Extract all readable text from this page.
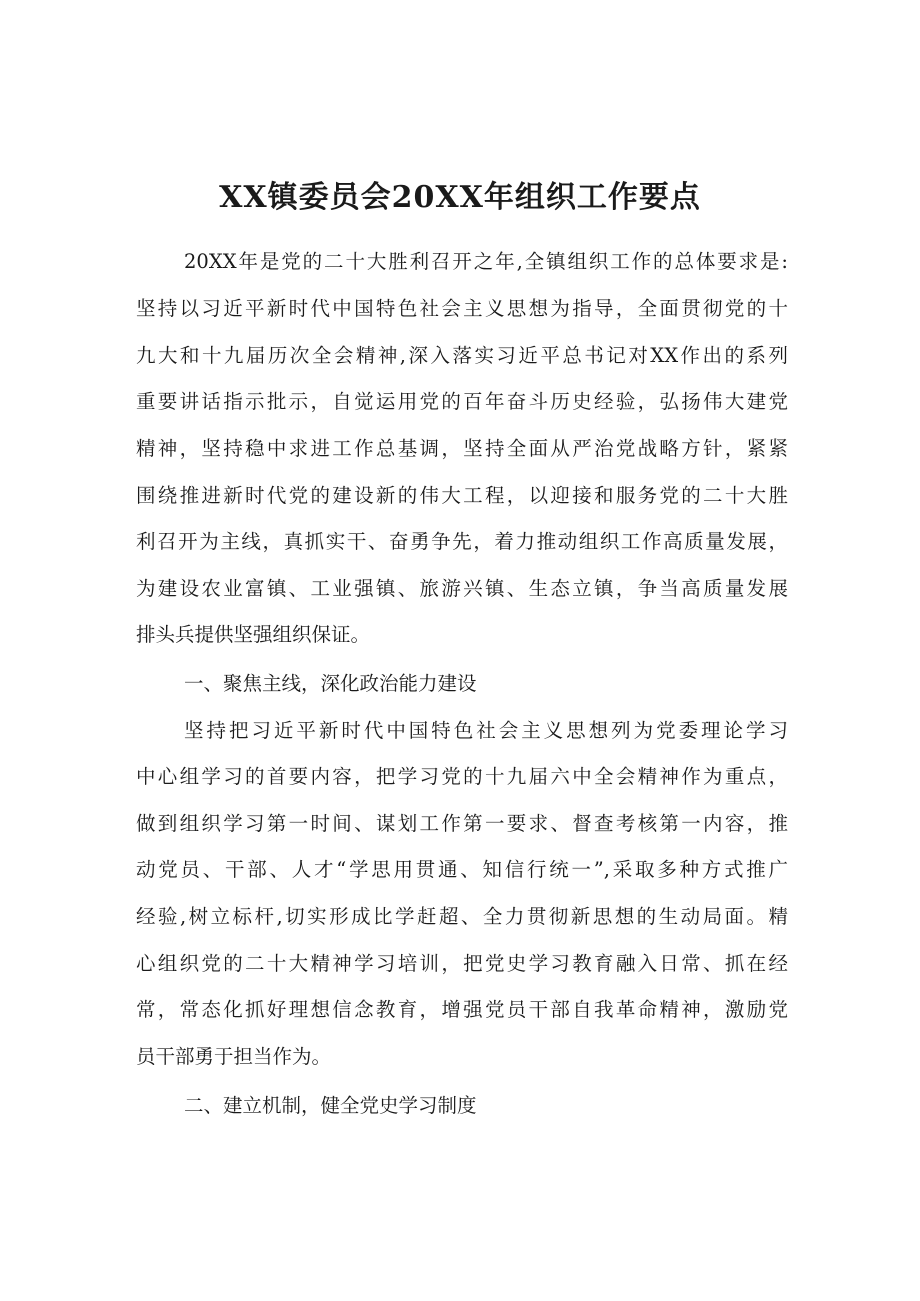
XX镇委员会20XX年组织工作要点

20XX年是党的二十大胜利召开之年,全镇组织工作的总体要求是:

坚持以习近平新时代中国特色社会主义思想为指导，全面贯彻党的十

九大和十九届历次全会精神,深入落实习近平总书记对XX作出的系列

重要讲话指示批示，自觉运用党的百年奋斗历史经验，弘扬伟大建党

精神，坚持稳中求进工作总基调，坚持全面从严治党战略方针，紧紧

围绕推进新时代党的建设新的伟大工程，以迎接和服务党的二十大胜

利召开为主线，真抓实干、奋勇争先，着力推动组织工作高质量发展，

为建设农业富镇、工业强镇、旅游兴镇、生态立镇，争当高质量发展

排头兵提供坚强组织保证。

一、聚焦主线，深化政治能力建设

坚持把习近平新时代中国特色社会主义思想列为党委理论学习

中心组学习的首要内容，把学习党的十九届六中全会精神作为重点，

做到组织学习第一时间、谋划工作第一要求、督查考核第一内容，推

动党员、干部、人才“学思用贯通、知信行统一”,采取多种方式推广

经验,树立标杆,切实形成比学赶超、全力贯彻新思想的生动局面。精

心组织党的二十大精神学习培训，把党史学习教育融入日常、抓在经

常，常态化抓好理想信念教育，增强党员干部自我革命精神，激励党

员干部勇于担当作为。

二、建立机制，健全党史学习制度
